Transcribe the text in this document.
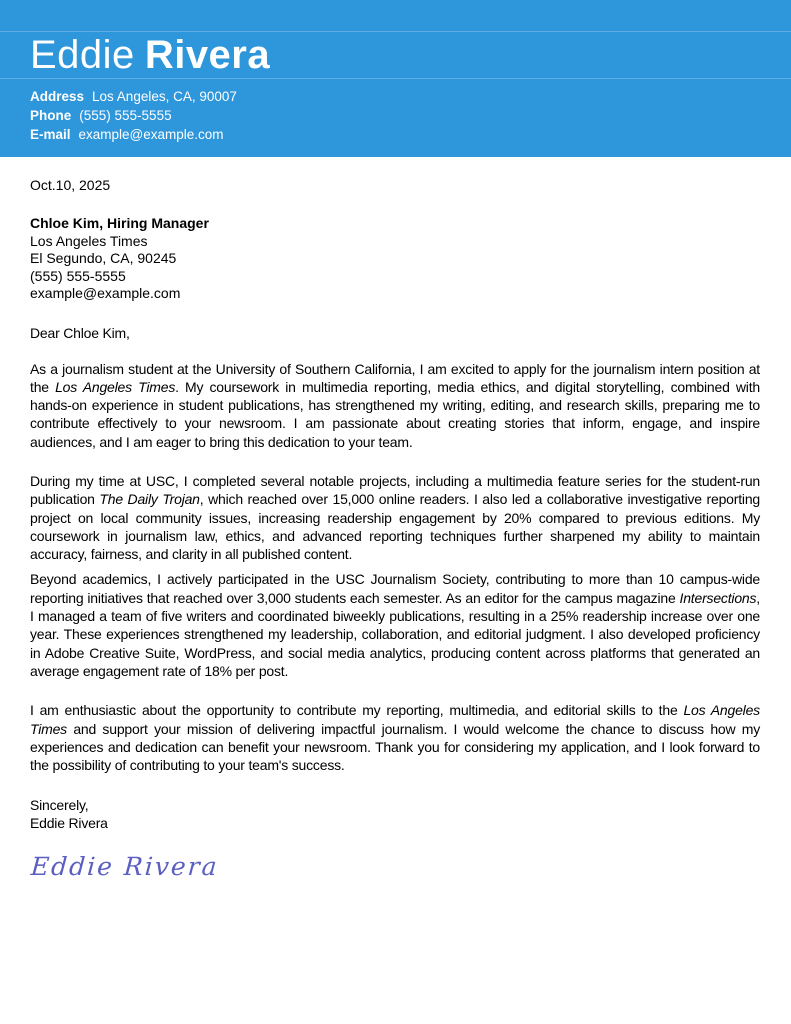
Eddie Rivera
Address Los Angeles, CA, 90007
Phone (555) 555-5555
E-mail example@example.com
Oct.10, 2025
Chloe Kim, Hiring Manager
Los Angeles Times
El Segundo, CA, 90245
(555) 555-5555
example@example.com
Dear Chloe Kim,

As a journalism student at the University of Southern California, I am excited to apply for the journalism intern position at the Los Angeles Times. My coursework in multimedia reporting, media ethics, and digital storytelling, combined with hands-on experience in student publications, has strengthened my writing, editing, and research skills, preparing me to contribute effectively to your newsroom. I am passionate about creating stories that inform, engage, and inspire audiences, and I am eager to bring this dedication to your team.

During my time at USC, I completed several notable projects, including a multimedia feature series for the student-run publication The Daily Trojan, which reached over 15,000 online readers. I also led a collaborative investigative reporting project on local community issues, increasing readership engagement by 20% compared to previous editions. My coursework in journalism law, ethics, and advanced reporting techniques further sharpened my ability to maintain accuracy, fairness, and clarity in all published content.

Beyond academics, I actively participated in the USC Journalism Society, contributing to more than 10 campus-wide reporting initiatives that reached over 3,000 students each semester. As an editor for the campus magazine Intersections, I managed a team of five writers and coordinated biweekly publications, resulting in a 25% readership increase over one year. These experiences strengthened my leadership, collaboration, and editorial judgment. I also developed proficiency in Adobe Creative Suite, WordPress, and social media analytics, producing content across platforms that generated an average engagement rate of 18% per post.

I am enthusiastic about the opportunity to contribute my reporting, multimedia, and editorial skills to the Los Angeles Times and support your mission of delivering impactful journalism. I would welcome the chance to discuss how my experiences and dedication can benefit your newsroom. Thank you for considering my application, and I look forward to the possibility of contributing to your team's success.

Sincerely,
Eddie Rivera
Eddie Rivera
